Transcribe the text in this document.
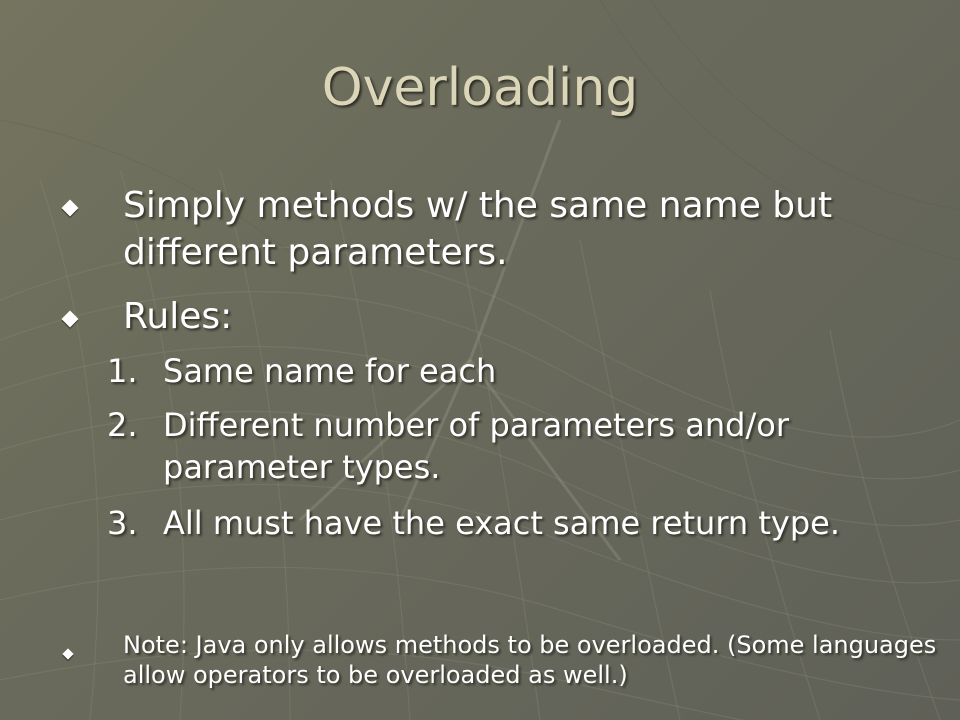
Overloading
Simply methods w/ the same name but different parameters.
Rules:
1. Same name for each
2. Different number of parameters and/or parameter types.
3. All must have the exact same return type.
Note: Java only allows methods to be overloaded. (Some languages allow operators to be overloaded as well.)
